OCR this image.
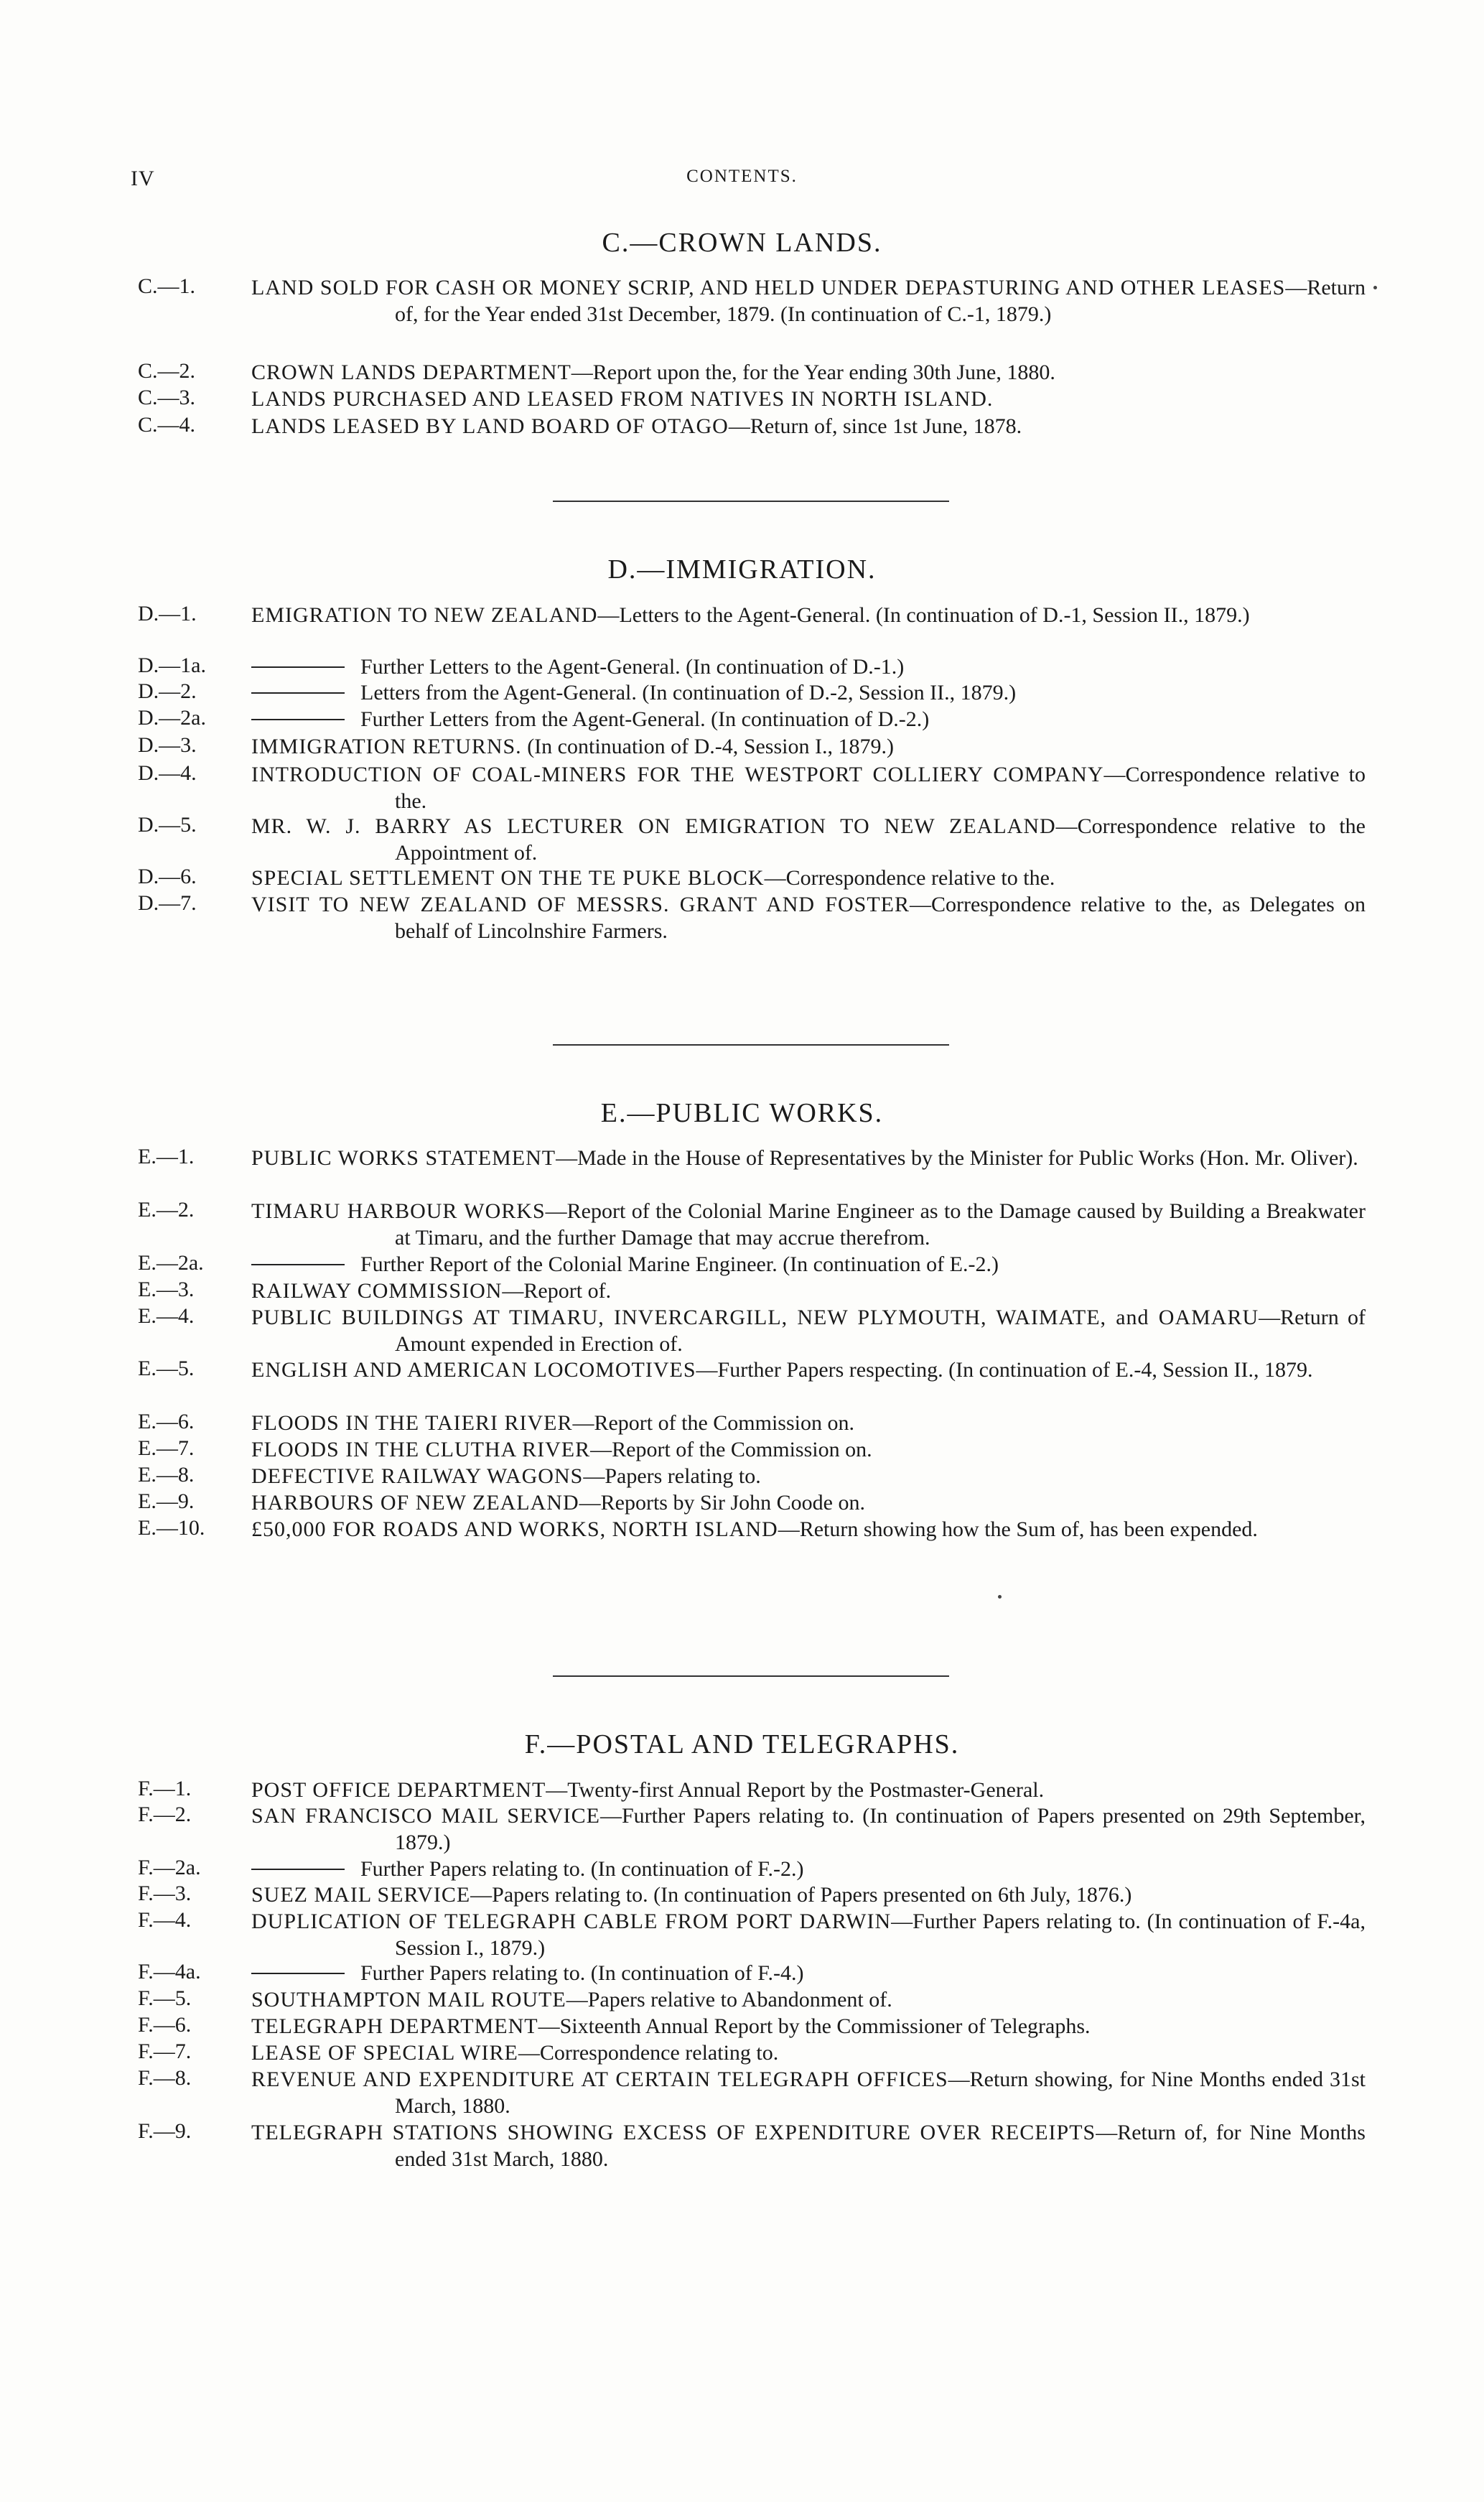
IV	CONTENTS.
C.—CROWN LANDS.
C.—1.	LAND SOLD FOR CASH OR MONEY SCRIP, AND HELD UNDER DEPASTURING AND OTHER LEASES—Return of, for the Year ended 31st December, 1879. (In continuation of C.-1, 1879.)
C.—2.	CROWN LANDS DEPARTMENT—Report upon the, for the Year ending 30th June, 1880.
C.—3.	LANDS PURCHASED AND LEASED FROM NATIVES IN NORTH ISLAND.
C.—4.	LANDS LEASED BY LAND BOARD OF OTAGO—Return of, since 1st June, 1878.
D.—IMMIGRATION.
D.—1.	EMIGRATION TO NEW ZEALAND—Letters to the Agent-General. (In continuation of D.-1, Session II., 1879.)
D.—1a.	Further Letters to the Agent-General. (In continuation of D.-1.)
D.—2.	Letters from the Agent-General. (In continuation of D.-2, Session II., 1879.)
D.—2a.	Further Letters from the Agent-General. (In continuation of D.-2.)
D.—3.	IMMIGRATION RETURNS. (In continuation of D.-4, Session I., 1879.)
D.—4.	INTRODUCTION OF COAL-MINERS FOR THE WESTPORT COLLIERY COMPANY—Correspondence relative to the.
D.—5.	MR. W. J. BARRY AS LECTURER ON EMIGRATION TO NEW ZEALAND—Correspondence relative to the Appointment of.
D.—6.	SPECIAL SETTLEMENT ON THE TE PUKE BLOCK—Correspondence relative to the.
D.—7.	VISIT TO NEW ZEALAND OF MESSRS. GRANT AND FOSTER—Correspondence relative to the, as Delegates on behalf of Lincolnshire Farmers.
E.—PUBLIC WORKS.
E.—1.	PUBLIC WORKS STATEMENT—Made in the House of Representatives by the Minister for Public Works (Hon. Mr. Oliver).
E.—2.	TIMARU HARBOUR WORKS—Report of the Colonial Marine Engineer as to the Damage caused by Building a Breakwater at Timaru, and the further Damage that may accrue therefrom.
E.—2a.	Further Report of the Colonial Marine Engineer. (In continuation of E.-2.)
E.—3.	RAILWAY COMMISSION—Report of.
E.—4.	PUBLIC BUILDINGS AT TIMARU, INVERCARGILL, NEW PLYMOUTH, WAIMATE, and OAMARU—Return of Amount expended in Erection of.
E.—5.	ENGLISH AND AMERICAN LOCOMOTIVES—Further Papers respecting. (In continuation of E.-4, Session II., 1879.
E.—6.	FLOODS IN THE TAIERI RIVER—Report of the Commission on.
E.—7.	FLOODS IN THE CLUTHA RIVER—Report of the Commission on.
E.—8.	DEFECTIVE RAILWAY WAGONS—Papers relating to.
E.—9.	HARBOURS OF NEW ZEALAND—Reports by Sir John Coode on.
E.—10. £50,000 FOR ROADS AND WORKS, NORTH ISLAND—Return showing how the Sum of, has been expended.
F.—POSTAL AND TELEGRAPHS.
F.—1.	POST OFFICE DEPARTMENT—Twenty-first Annual Report by the Postmaster-General.
F.—2.	SAN FRANCISCO MAIL SERVICE—Further Papers relating to. (In continuation of Papers presented on 29th September, 1879.)
F.—2a.	Further Papers relating to. (In continuation of F.-2.)
F.—3.	SUEZ MAIL SERVICE—Papers relating to. (In continuation of Papers presented on 6th July, 1876.)
F.—4.	DUPLICATION OF TELEGRAPH CABLE FROM PORT DARWIN—Further Papers relating to. (In continuation of F.-4a, Session I., 1879.)
F.—4a.	Further Papers relating to. (In continuation of F.-4.)
F.—5.	SOUTHAMPTON MAIL ROUTE—Papers relative to Abandonment of.
F.—6.	TELEGRAPH DEPARTMENT—Sixteenth Annual Report by the Commissioner of Telegraphs.
F.—7.	LEASE OF SPECIAL WIRE—Correspondence relating to.
F.—8.	REVENUE AND EXPENDITURE AT CERTAIN TELEGRAPH OFFICES—Return showing, for Nine Months ended 31st March, 1880.
F.—9.	TELEGRAPH STATIONS SHOWING EXCESS OF EXPENDITURE OVER RECEIPTS—Return of, for Nine Months ended 31st March, 1880.
